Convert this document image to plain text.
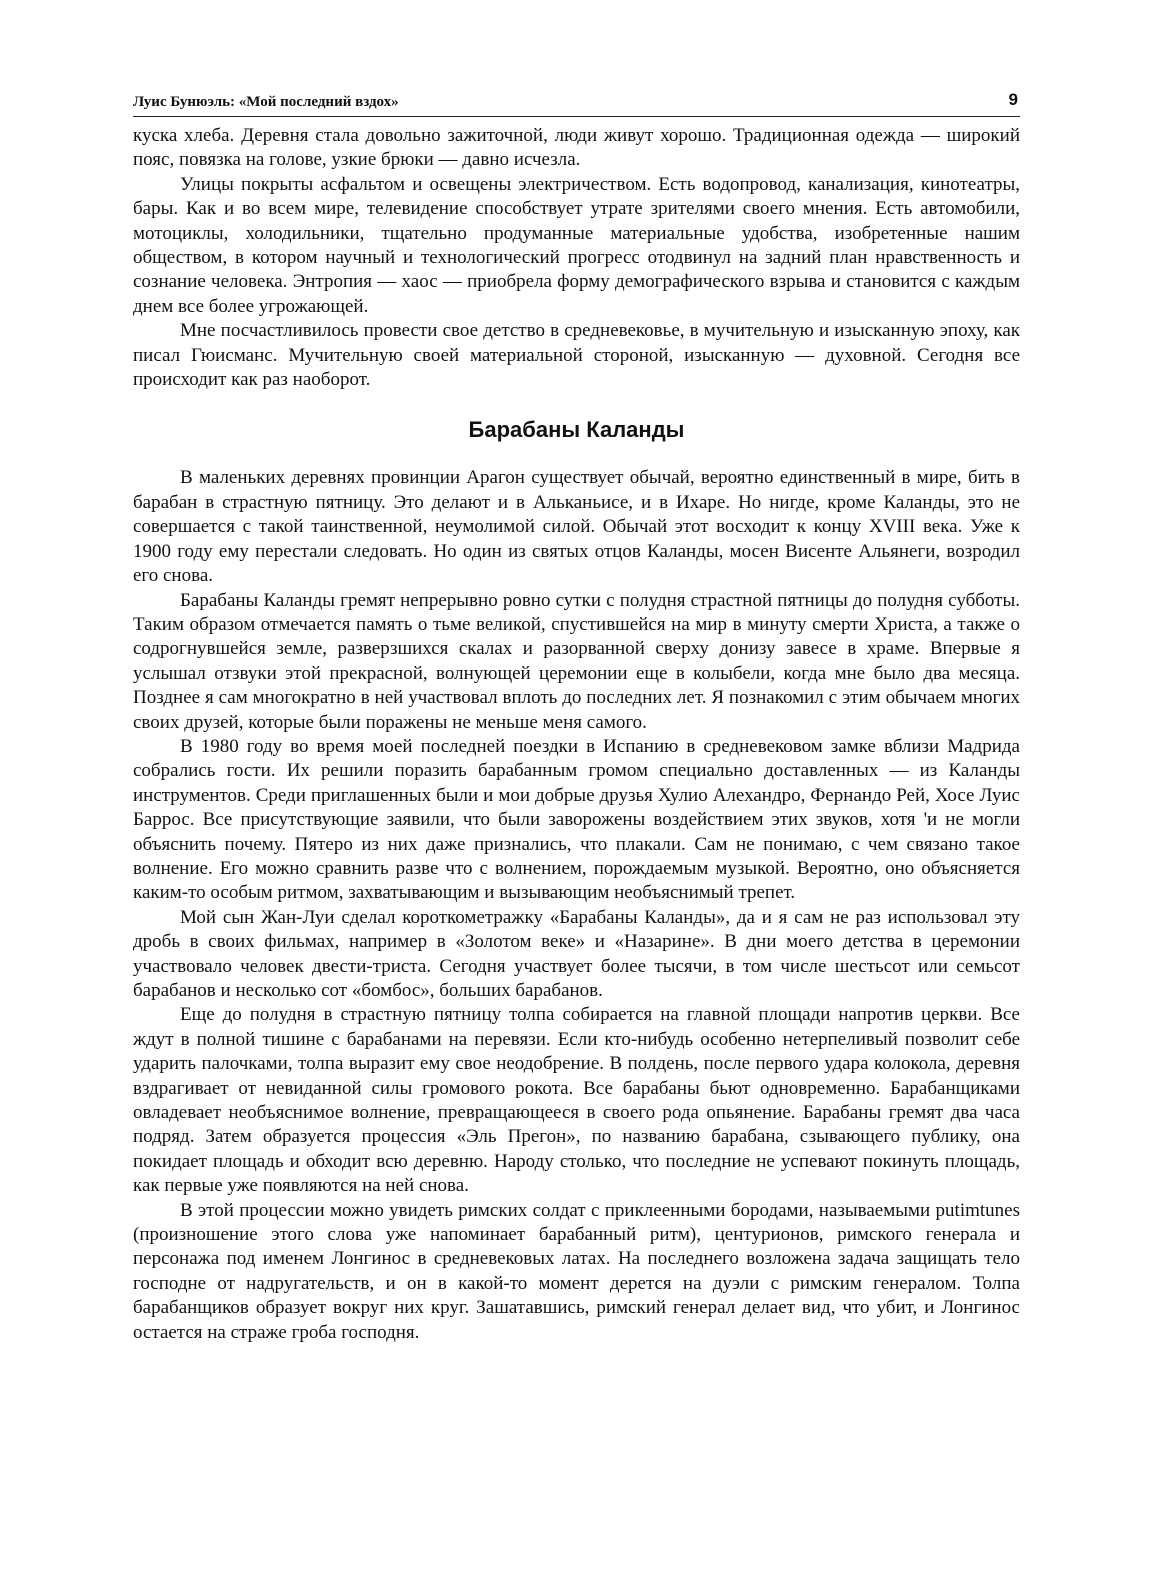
Луис Бунюэль: «Мой последний вздох»	9

куска хлеба. Деревня стала довольно зажиточной, люди живут хорошо. Традиционная одежда — широкий пояс, повязка на голове, узкие брюки — давно исчезла.

Улицы покрыты асфальтом и освещены электричеством. Есть водопровод, канализация, кинотеатры, бары. Как и во всем мире, телевидение способствует утрате зрителями своего мнения. Есть автомобили, мотоциклы, холодильники, тщательно продуманные материальные удобства, изобретенные нашим обществом, в котором научный и технологический прогресс отодвинул на задний план нравственность и сознание человека. Энтропия — хаос — приобрела форму демографического взрыва и становится с каждым днем все более угрожающей.

Мне посчастливилось провести свое детство в средневековье, в мучительную и изысканную эпоху, как писал Гюисманс. Мучительную своей материальной стороной, изысканную — духовной. Сегодня все происходит как раз наоборот.

Барабаны Каланды

В маленьких деревнях провинции Арагон существует обычай, вероятно единственный в мире, бить в барабан в страстную пятницу. Это делают и в Альканьисе, и в Ихаре. Но нигде, кроме Каланды, это не совершается с такой таинственной, неумолимой силой. Обычай этот восходит к концу XVIII века. Уже к 1900 году ему перестали следовать. Но один из святых отцов Каланды, мосен Висенте Альянеги, возродил его снова.

Барабаны Каланды гремят непрерывно ровно сутки с полудня страстной пятницы до полудня субботы. Таким образом отмечается память о тьме великой, спустившейся на мир в минуту смерти Христа, а также о содрогнувшейся земле, разверзшихся скалах и разорванной сверху донизу завесе в храме. Впервые я услышал отзвуки этой прекрасной, волнующей церемонии еще в колыбели, когда мне было два месяца. Позднее я сам многократно в ней участвовал вплоть до последних лет. Я познакомил с этим обычаем многих своих друзей, которые были поражены не меньше меня самого.

В 1980 году во время моей последней поездки в Испанию в средневековом замке вблизи Мадрида собрались гости. Их решили поразить барабанным громом специально доставленных — из Каланды инструментов. Среди приглашенных были и мои добрые друзья Хулио Алехандро, Фернандо Рей, Хосе Луис Баррос. Все присутствующие заявили, что были заворожены воздействием этих звуков, хотя 'и не могли объяснить почему. Пятеро из них даже признались, что плакали. Сам не понимаю, с чем связано такое волнение. Его можно сравнить разве что с волнением, порождаемым музыкой. Вероятно, оно объясняется каким-то особым ритмом, захватывающим и вызывающим необъяснимый трепет.

Мой сын Жан-Луи сделал короткометражку «Барабаны Каланды», да и я сам не раз использовал эту дробь в своих фильмах, например в «Золотом веке» и «Назарине». В дни моего детства в церемонии участвовало человек двести-триста. Сегодня участвует более тысячи, в том числе шестьсот или семьсот барабанов и несколько сот «бомбос», больших барабанов.

Еще до полудня в страстную пятницу толпа собирается на главной площади напротив церкви. Все ждут в полной тишине с барабанами на перевязи. Если кто-нибудь особенно нетерпеливый позволит себе ударить палочками, толпа выразит ему свое неодобрение. В полдень, после первого удара колокола, деревня вздрагивает от невиданной силы громового рокота. Все барабаны бьют одновременно. Барабанщиками овладевает необъяснимое волнение, превращающееся в своего рода опьянение. Барабаны гремят два часа подряд. Затем образуется процессия «Эль Прегон», по названию барабана, сзывающего публику, она покидает площадь и обходит всю деревню. Народу столько, что последние не успевают покинуть площадь, как первые уже появляются на ней снова.

В этой процессии можно увидеть римских солдат с приклеенными бородами, называемыми putimtunes (произношение этого слова уже напоминает барабанный ритм), центурионов, римского генерала и персонажа под именем Лонгинос в средневековых латах. На последнего возложена задача защищать тело господне от надругательств, и он в какой-то момент дерется на дуэли с римским генералом. Толпа барабанщиков образует вокруг них круг. Зашатавшись, римский генерал делает вид, что убит, и Лонгинос остается на страже гроба господня.
